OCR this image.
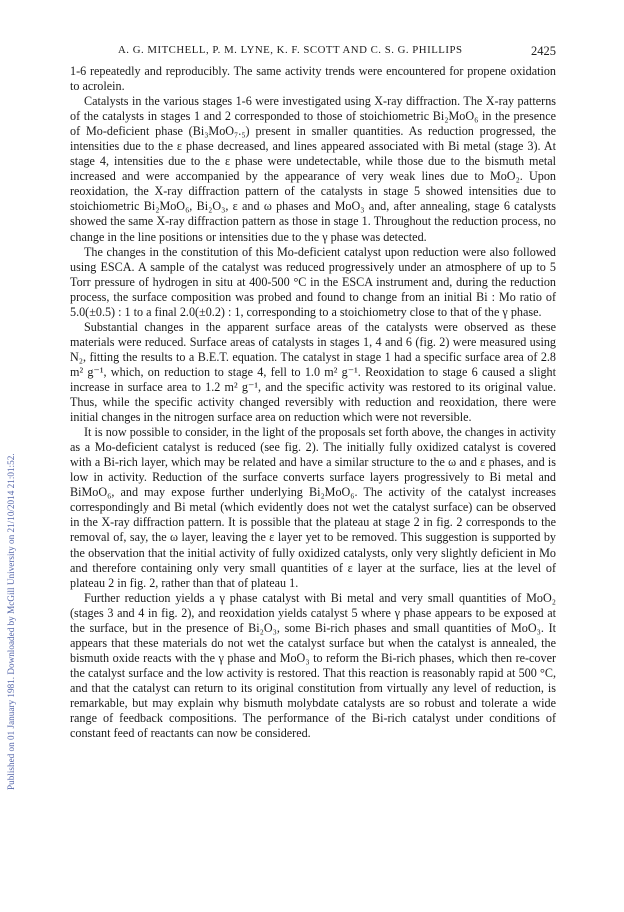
Published on 01 January 1981. Downloaded by McGill University on 21/10/2014 21:01:52.
A. G. MITCHELL, P. M. LYNE, K. F. SCOTT AND C. S. G. PHILLIPS	2425

1-6 repeatedly and reproducibly. The same activity trends were encountered for propene oxidation to acrolein.

Catalysts in the various stages 1-6 were investigated using X-ray diffraction. The X-ray patterns of the catalysts in stages 1 and 2 corresponded to those of stoichiometric Bi₂MoO₆ in the presence of Mo-deficient phase (Bi₃MoO₇.₅) present in smaller quantities. As reduction progressed, the intensities due to the ε phase decreased, and lines appeared associated with Bi metal (stage 3). At stage 4, intensities due to the ε phase were undetectable, while those due to the bismuth metal increased and were accompanied by the appearance of very weak lines due to MoO₂. Upon reoxidation, the X-ray diffraction pattern of the catalysts in stage 5 showed intensities due to stoichiometric Bi₂MoO₆, Bi₂O₃, ε and ω phases and MoO₃ and, after annealing, stage 6 catalysts showed the same X-ray diffraction pattern as those in stage 1. Throughout the reduction process, no change in the line positions or intensities due to the γ phase was detected.

The changes in the constitution of this Mo-deficient catalyst upon reduction were also followed using ESCA. A sample of the catalyst was reduced progressively under an atmosphere of up to 5 Torr pressure of hydrogen in situ at 400-500 °C in the ESCA instrument and, during the reduction process, the surface composition was probed and found to change from an initial Bi : Mo ratio of 5.0(±0.5) : 1 to a final 2.0(±0.2) : 1, corresponding to a stoichiometry close to that of the γ phase.

Substantial changes in the apparent surface areas of the catalysts were observed as these materials were reduced. Surface areas of catalysts in stages 1, 4 and 6 (fig. 2) were measured using N₂, fitting the results to a B.E.T. equation. The catalyst in stage 1 had a specific surface area of 2.8 m² g⁻¹, which, on reduction to stage 4, fell to 1.0 m² g⁻¹. Reoxidation to stage 6 caused a slight increase in surface area to 1.2 m² g⁻¹, and the specific activity was restored to its original value. Thus, while the specific activity changed reversibly with reduction and reoxidation, there were initial changes in the nitrogen surface area on reduction which were not reversible.

It is now possible to consider, in the light of the proposals set forth above, the changes in activity as a Mo-deficient catalyst is reduced (see fig. 2). The initially fully oxidized catalyst is covered with a Bi-rich layer, which may be related and have a similar structure to the ω and ε phases, and is low in activity. Reduction of the surface converts surface layers progressively to Bi metal and BiMoO₆, and may expose further underlying Bi₂MoO₆. The activity of the catalyst increases correspondingly and Bi metal (which evidently does not wet the catalyst surface) can be observed in the X-ray diffraction pattern. It is possible that the plateau at stage 2 in fig. 2 corresponds to the removal of, say, the ω layer, leaving the ε layer yet to be removed. This suggestion is supported by the observation that the initial activity of fully oxidized catalysts, only very slightly deficient in Mo and therefore containing only very small quantities of ε layer at the surface, lies at the level of plateau 2 in fig. 2, rather than that of plateau 1.

Further reduction yields a γ phase catalyst with Bi metal and very small quantities of MoO₂ (stages 3 and 4 in fig. 2), and reoxidation yields catalyst 5 where γ phase appears to be exposed at the surface, but in the presence of Bi₂O₃, some Bi-rich phases and small quantities of MoO₃. It appears that these materials do not wet the catalyst surface but when the catalyst is annealed, the bismuth oxide reacts with the γ phase and MoO₃ to reform the Bi-rich phases, which then re-cover the catalyst surface and the low activity is restored. That this reaction is reasonably rapid at 500 °C, and that the catalyst can return to its original constitution from virtually any level of reduction, is remarkable, but may explain why bismuth molybdate catalysts are so robust and tolerate a wide range of feedback compositions. The performance of the Bi-rich catalyst under conditions of constant feed of reactants can now be considered.
